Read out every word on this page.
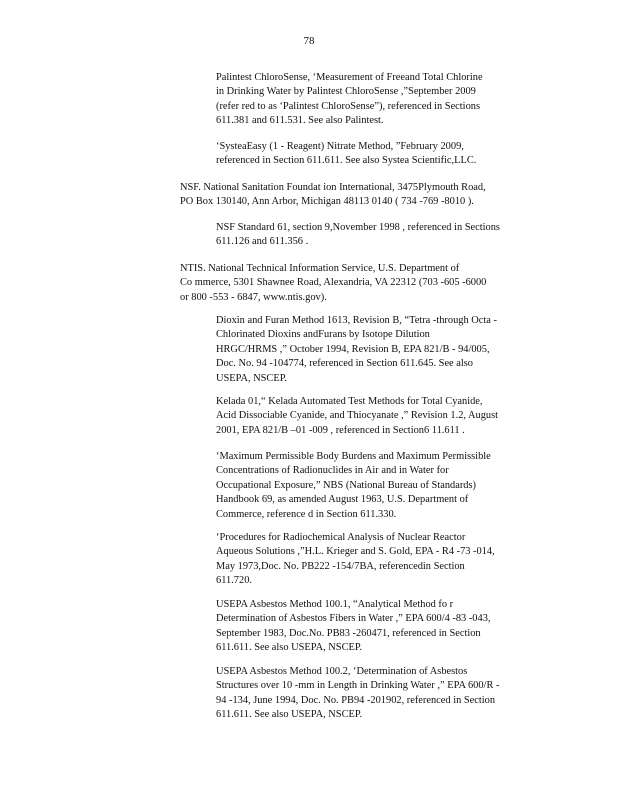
78
Palintest ChloroSense, ‘Measurement of Freeand Total Chlorine
in Drinking Water by Palintest ChloroSense ,”September 2009
(refer red to as ‘Palintest ChloroSense”), referenced in Sections
611.381 and 611.531. See also Palintest.
‘SysteaEasy (1 - Reagent) Nitrate Method, ”February 2009,
referenced in Section 611.611. See also Systea Scientific,LLC.
NSF. National Sanitation Foundat ion International, 3475Plymouth Road,
PO Box 130140, Ann Arbor, Michigan 48113 0140 ( 734 -769 -8010 ).
NSF Standard 61, section 9,November 1998 , referenced in Sections
611.126 and 611.356 .
NTIS. National Technical Information Service, U.S. Department of
Co mmerce, 5301 Shawnee Road, Alexandria, VA 22312 (703 -605 -6000
or 800 -553 - 6847, www.ntis.gov).
Dioxin and Furan Method 1613, Revision B, “Tetra -through Octa -
Chlorinated Dioxins andFurans by Isotope Dilution
HRGC/HRMS ,” October 1994, Revision B, EPA 821/B - 94/005,
Doc. No. 94 -104774, referenced in Section 611.645. See also
USEPA, NSCEP.
Kelada 01,“ Kelada Automated Test Methods for Total Cyanide,
Acid Dissociable Cyanide, and Thiocyanate ,” Revision 1.2, August
2001, EPA 821/B –01 -009 , referenced in Section6 11.611 .
‘Maximum Permissible Body Burdens and Maximum Permissible
Concentrations of Radionuclides in Air and in Water for
Occupational Exposure,” NBS (National Bureau of Standards)
Handbook 69, as amended August 1963, U.S. Department of
Commerce, reference d in Section 611.330.
‘Procedures for Radiochemical Analysis of Nuclear Reactor
Aqueous Solutions ,”H.L. Krieger and S. Gold, EPA - R4 -73 -014,
May 1973,Doc. No. PB222 -154/7BA, referencedin Section
611.720.
USEPA Asbestos Method 100.1, “Analytical Method fo r
Determination of Asbestos Fibers in Water ,” EPA 600/4 -83 -043,
September 1983, Doc.No. PB83 -260471, referenced in Section
611.611. See also USEPA, NSCEP.
USEPA Asbestos Method 100.2, ‘Determination of Asbestos
Structures over 10 -mm in Length in Drinking Water ,” EPA 600/R -
94 -134, June 1994, Doc. No. PB94 -201902, referenced in Section
611.611. See also USEPA, NSCEP.
